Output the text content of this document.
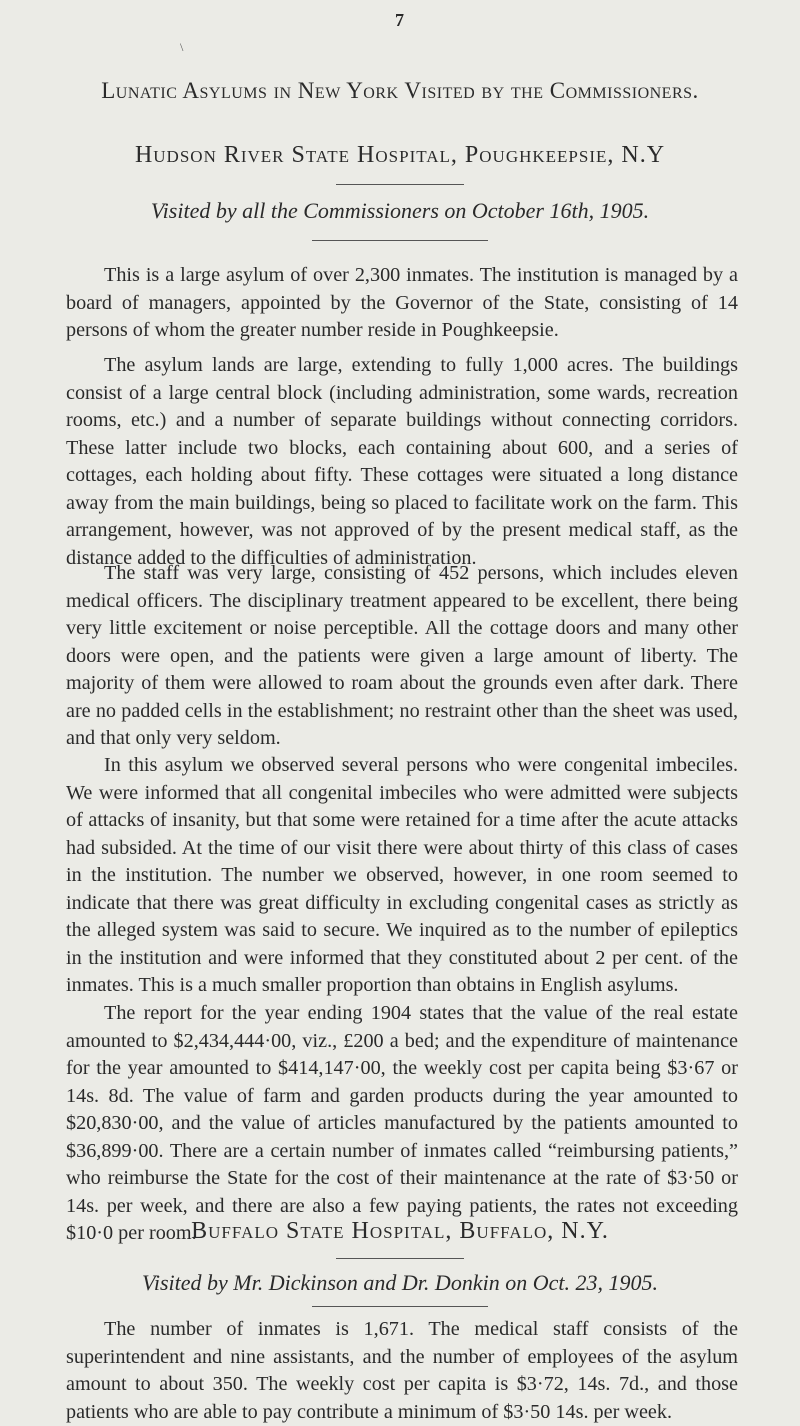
7
\
Lunatic Asylums in New York Visited by the Commissioners.
Hudson River State Hospital, Poughkeepsie, N.Y
Visited by all the Commissioners on October 16th, 1905.

This is a large asylum of over 2,300 inmates. The institution is managed by a board of managers, appointed by the Governor of the State, consisting of 14 persons of whom the greater number reside in Poughkeepsie.

The asylum lands are large, extending to fully 1,000 acres. The buildings consist of a large central block (including administration, some wards, recreation rooms, etc.) and a number of separate buildings without connecting corridors. These latter include two blocks, each containing about 600, and a series of cottages, each holding about fifty. These cottages were situated a long distance away from the main buildings, being so placed to facilitate work on the farm. This arrangement, however, was not approved of by the present medical staff, as the distance added to the difficulties of administration.

The staff was very large, consisting of 452 persons, which includes eleven medical officers. The disciplinary treatment appeared to be excellent, there being very little excitement or noise perceptible. All the cottage doors and many other doors were open, and the patients were given a large amount of liberty. The majority of them were allowed to roam about the grounds even after dark. There are no padded cells in the establishment; no restraint other than the sheet was used, and that only very seldom.

In this asylum we observed several persons who were congenital imbeciles. We were informed that all congenital imbeciles who were admitted were subjects of attacks of insanity, but that some were retained for a time after the acute attacks had subsided. At the time of our visit there were about thirty of this class of cases in the institution. The number we observed, however, in one room seemed to indicate that there was great difficulty in excluding congenital cases as strictly as the alleged system was said to secure. We inquired as to the number of epileptics in the institution and were informed that they constituted about 2 per cent. of the inmates. This is a much smaller proportion than obtains in English asylums.

The report for the year ending 1904 states that the value of the real estate amounted to $2,434,444·00, viz., £200 a bed; and the expenditure of maintenance for the year amounted to $414,147·00, the weekly cost per capita being $3·67 or 14s. 8d. The value of farm and garden products during the year amounted to $20,830·00, and the value of articles manufactured by the patients amounted to $36,899·00. There are a certain number of inmates called “reimbursing patients,” who reimburse the State for the cost of their maintenance at the rate of $3·50 or 14s. per week, and there are also a few paying patients, the rates not exceeding $10·0 per room.

Buffalo State Hospital, Buffalo, N.Y.
Visited by Mr. Dickinson and Dr. Donkin on Oct. 23, 1905.

The number of inmates is 1,671. The medical staff consists of the superintendent and nine assistants, and the number of employees of the asylum amount to about 350. The weekly cost per capita is $3·72, 14s. 7d., and those patients who are able to pay contribute a minimum of $3·50 14s. per week.
